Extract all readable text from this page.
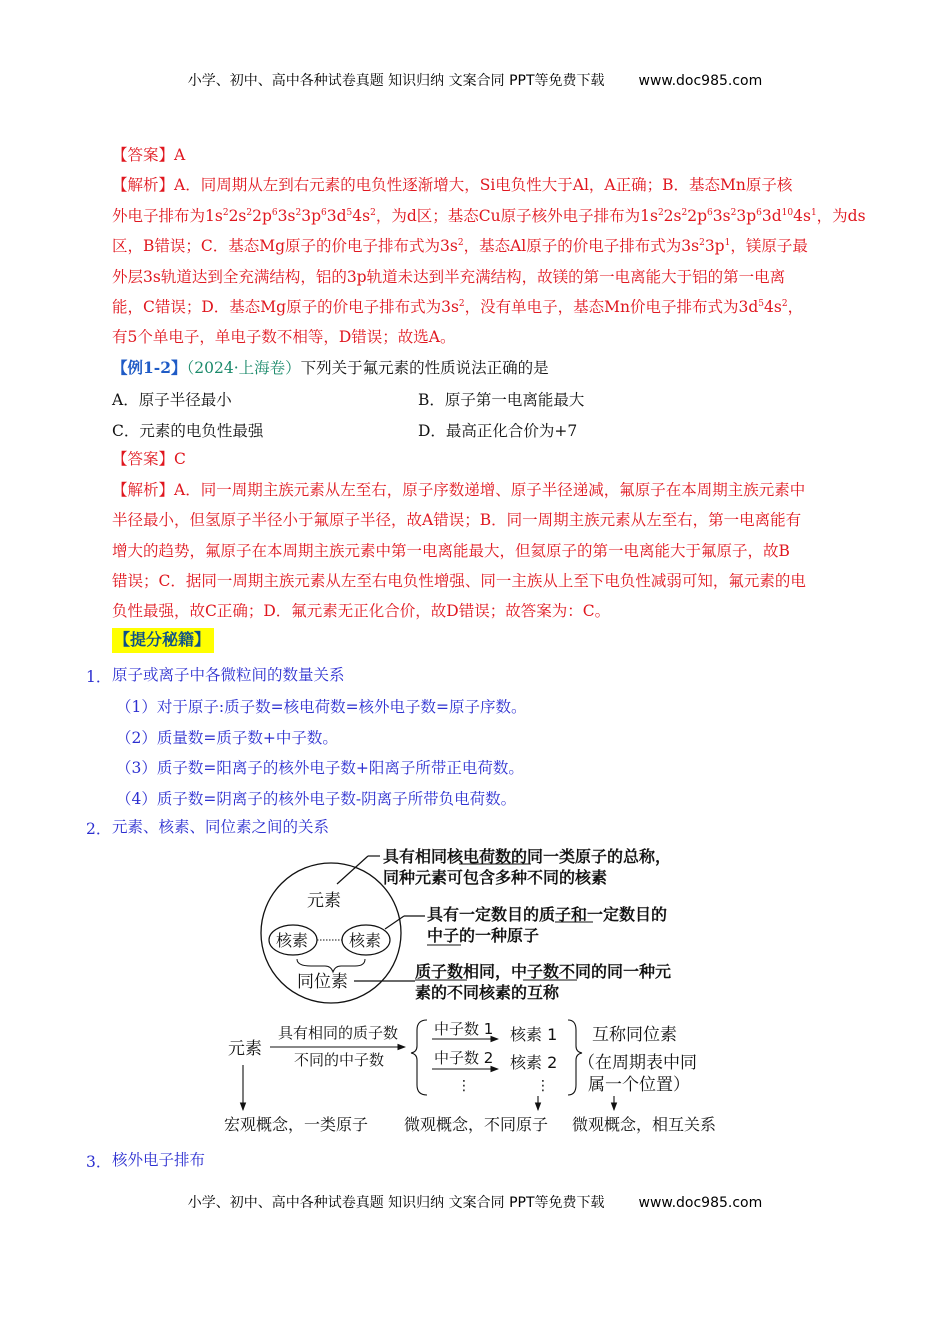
小学、初中、高中各种试卷真题 知识归纳 文案合同 PPT等免费下载 www.doc985.com
【答案】A
【解析】A．同周期从左到右元素的电负性逐渐增大，Si电负性大于Al，A正确；B．基态Mn原子核
外电子排布为$1s^22s^22p^63s^23p^63d^54s^2$，为d区；基态Cu原子核外电子排布为$1s^22s^22p^63s^23p^63d^{10}4s^1$，为ds
区，B错误；C．基态Mg原子的价电子排布式为$3s^2$，基态Al原子的价电子排布式为$3s^23p^1$，镁原子最
外层3s轨道达到全充满结构，铝的3p轨道未达到半充满结构，故镁的第一电离能大于铝的第一电离
能，C错误；D．基态Mg原子的价电子排布式为$3s^2$，没有单电子，基态Mn价电子排布式为$3d^54s^2$，
有5个单电子，单电子数不相等，D错误；故选A。
【例1-2】（2024·上海卷）下列关于氟元素的性质说法正确的是
A．原子半径最小	B．原子第一电离能最大
C．元素的电负性最强	D．最高正化合价为+7
【答案】C
【解析】A．同一周期主族元素从左至右，原子序数递增、原子半径递减，氟原子在本周期主族元素中
半径最小，但氢原子半径小于氟原子半径，故A错误；B．同一周期主族元素从左至右，第一电离能有
增大的趋势，氟原子在本周期主族元素中第一电离能最大，但氦原子的第一电离能大于氟原子，故B
错误；C．据同一周期主族元素从左至右电负性增强、同一主族从上至下电负性减弱可知，氟元素的电
负性最强，故C正确；D．氟元素无正化合价，故D错误；故答案为：C。
【提分秘籍】
1． 原子或离子中各微粒间的数量关系
（1）对于原子:质子数=核电荷数=核外电子数=原子序数。
（2）质量数=质子数+中子数。
（3）质子数=阳离子的核外电子数+阳离子所带正电荷数。
（4）质子数=阴离子的核外电子数-阴离子所带负电荷数。
2． 元素、核素、同位素之间的关系
元素
核素	核素
同位素
具有相同核电荷数的同一类原子的总称，
同种元素可包含多种不同的核素
具有一定数目的质子和一定数目的
中子的一种原子
质子数相同，中子数不同的同一种元
素的不同核素的互称
元素
具有相同的质子数
不同的中子数
中子数 1 核素 1
中子数 2 核素 2
⋮	⋮
互称同位素
（在周期表中同
属一个位置）
宏观概念，一类原子 微观概念，不同原子 微观概念，相互关系
3． 核外电子排布
小学、初中、高中各种试卷真题 知识归纳 文案合同 PPT等免费下载 www.doc985.com
